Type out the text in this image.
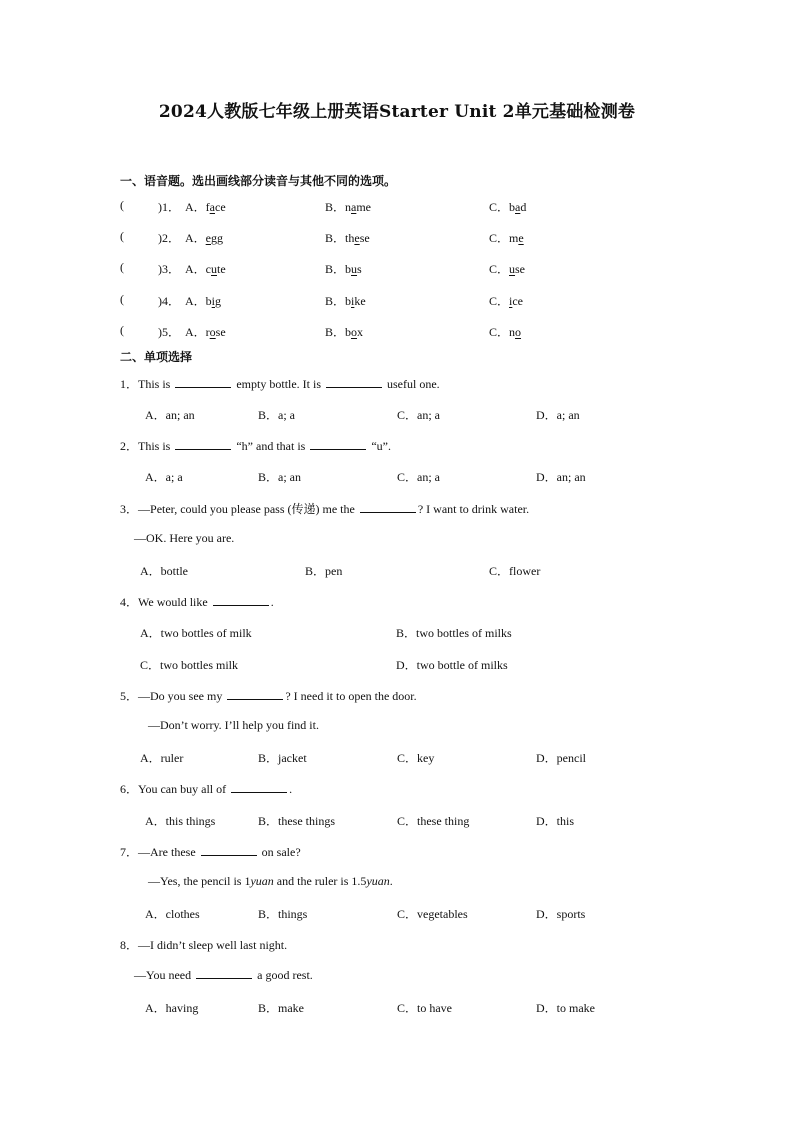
2024人教版七年级上册英语Starter Unit 2单元基础检测卷
一、语音题。选出画线部分读音与其他不同的选项。
(	)1． A．face	B．name	C．bad
(	)2． A．egg	B．these	C．me
(	)3． A．cute	B．bus	C．use
(	)4． A．big	B．bike	C．ice
(	)5． A．rose	B．box	C．no
二、单项选择
1．This is	empty bottle. It is	useful one.
A．an; an	B．a; a	C．an; a	D．a; an
2．This is	“h” and that is	“u”.
A．a; a	B．a; an	C．an; a	D．an; an
3．—Peter, could you please pass (传递) me the	? I want to drink water.
—OK. Here you are.
A．bottle	B．pen	C．flower
4．We would like	.
A．two bottles of milk	B．two bottles of milks
C．two bottles milk	D．two bottle of milks
5．—Do you see my	? I need it to open the door.
—Don’t worry. I’ll help you find it.
A．ruler	B．jacket	C．key	D．pencil
6．You can buy all of	.
A．this things	B．these things	C．these thing	D．this
7．—Are these	on sale?
—Yes, the pencil is 1yuan and the ruler is 1.5yuan.
A．clothes	B．things	C．vegetables	D．sports
8．—I didn’t sleep well last night.
—You need	a good rest.
A．having	B．make	C．to have	D．to make
